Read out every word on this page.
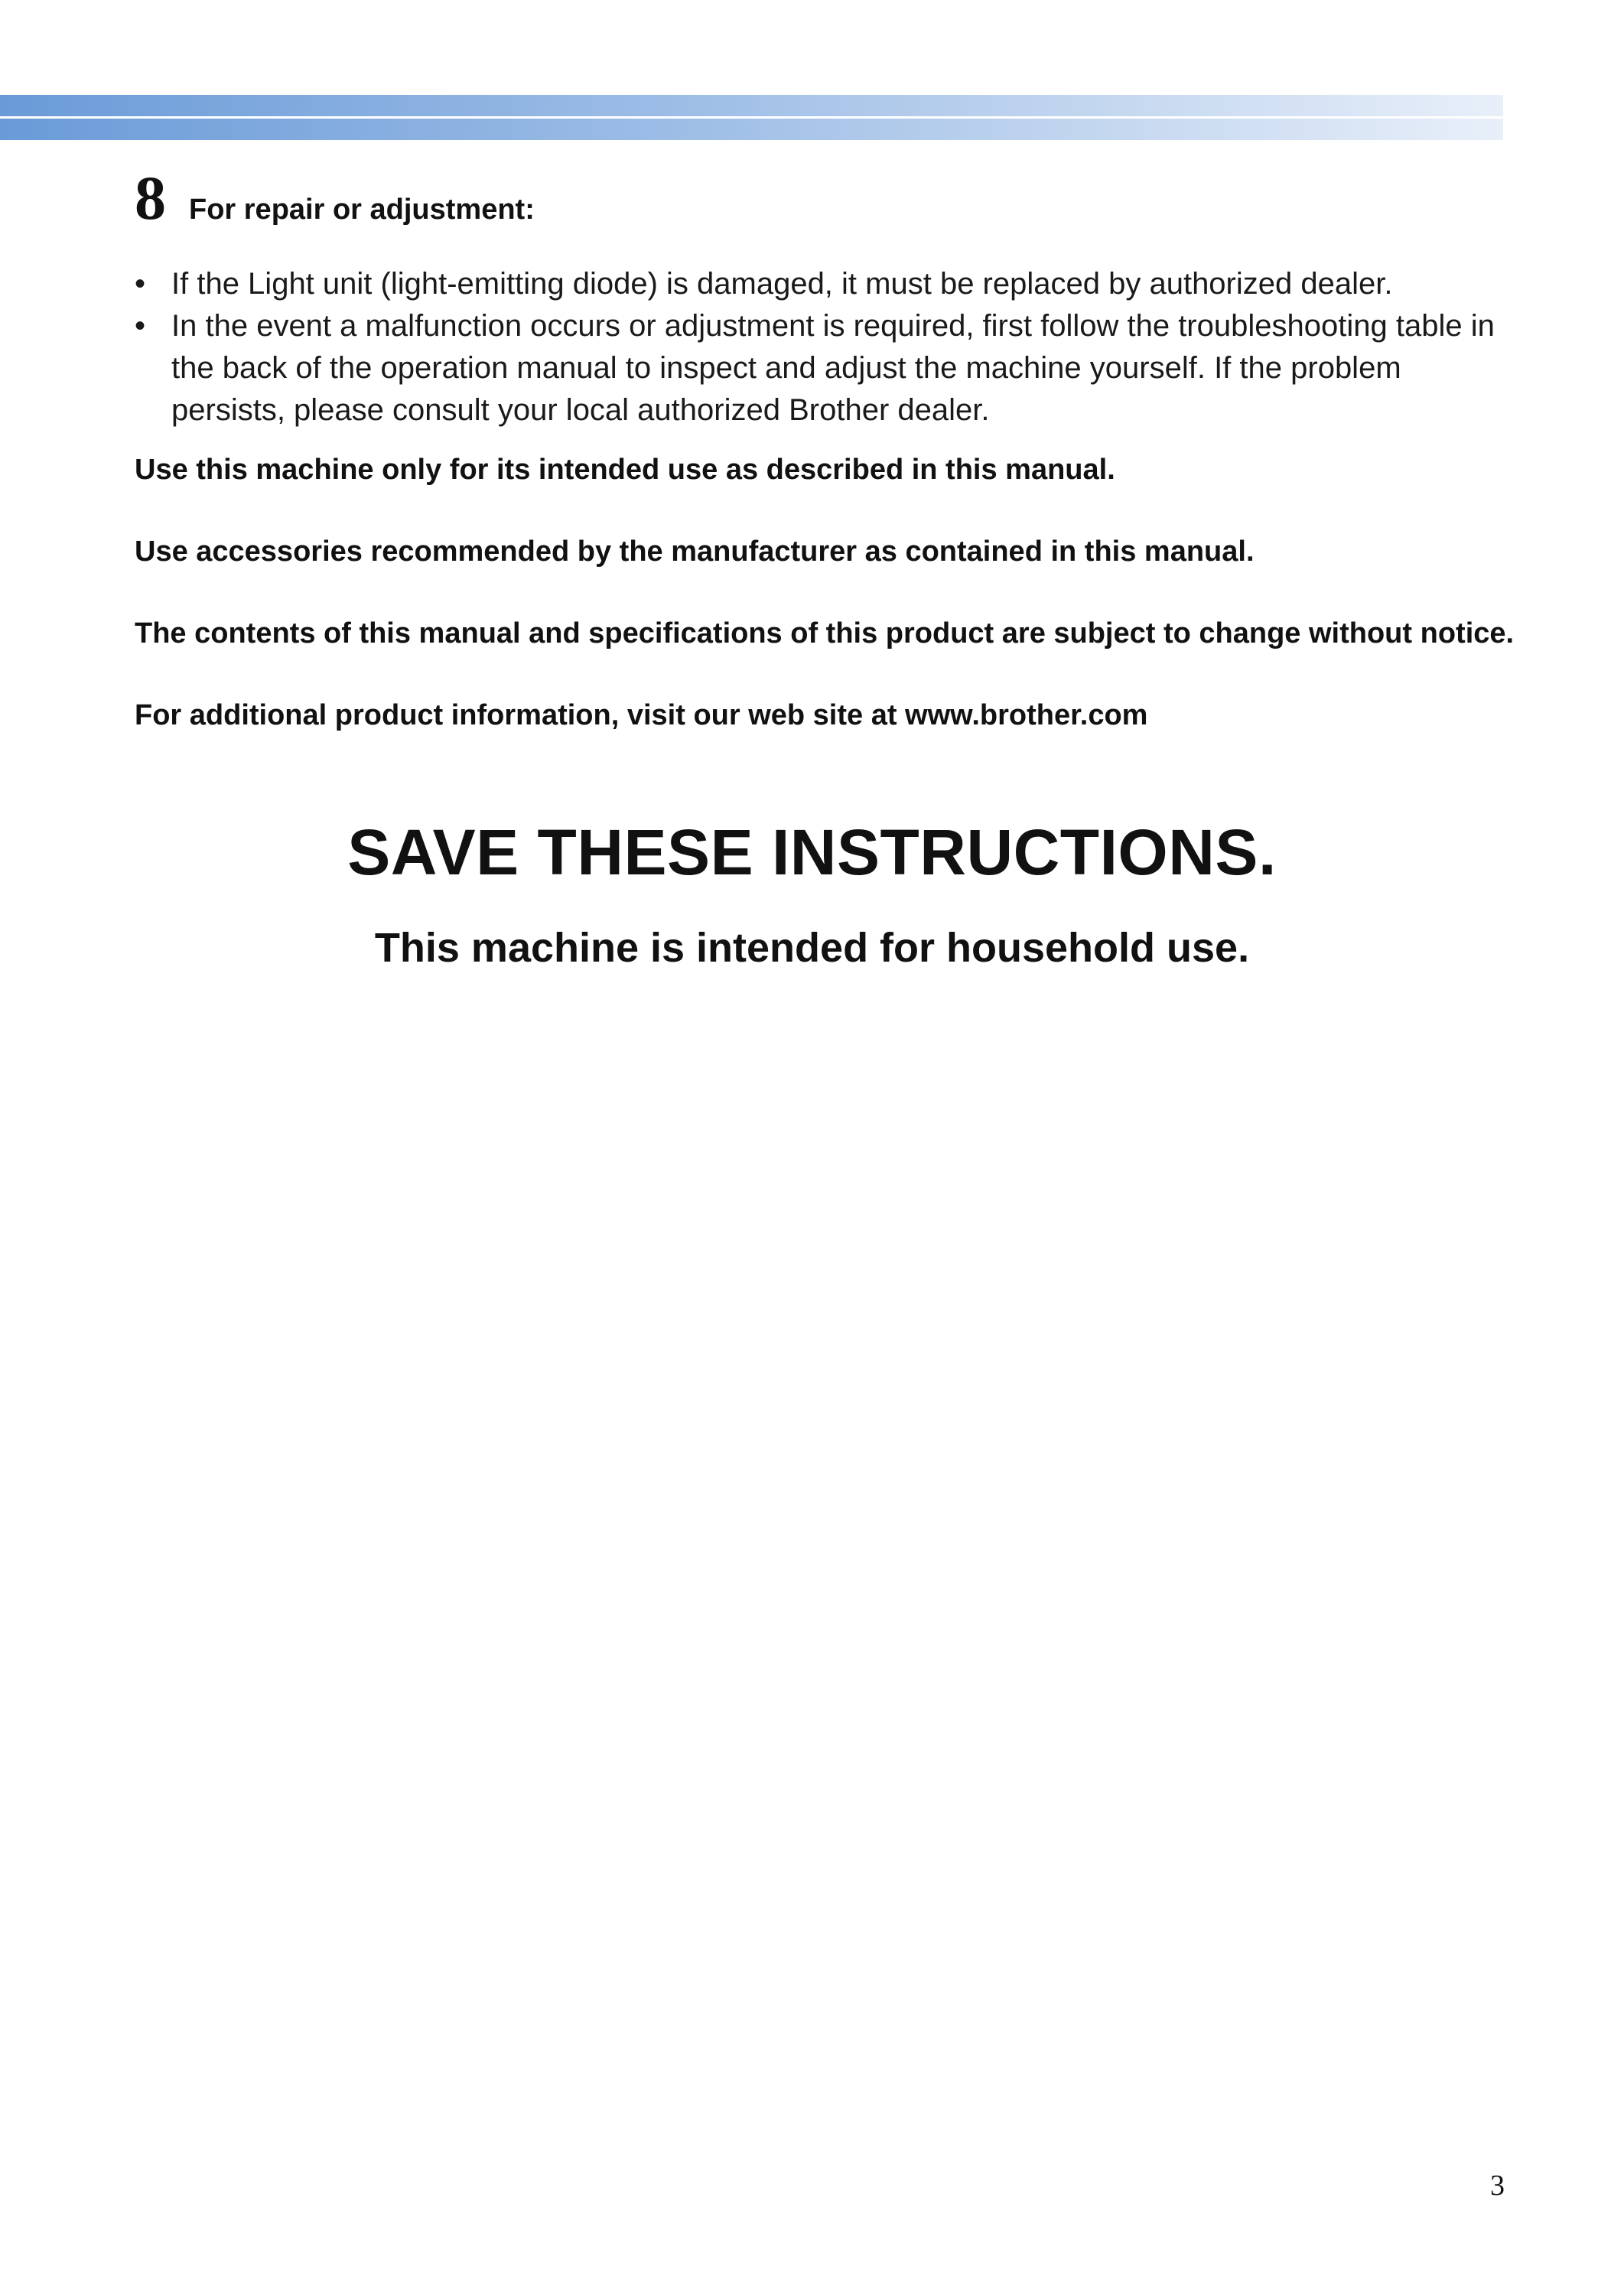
8 For repair or adjustment:
• If the Light unit (light-emitting diode) is damaged, it must be replaced by authorized dealer.
• In the event a malfunction occurs or adjustment is required, first follow the troubleshooting table in the back of the operation manual to inspect and adjust the machine yourself. If the problem persists, please consult your local authorized Brother dealer.
Use this machine only for its intended use as described in this manual.
Use accessories recommended by the manufacturer as contained in this manual.
The contents of this manual and specifications of this product are subject to change without notice.
For additional product information, visit our web site at www.brother.com
SAVE THESE INSTRUCTIONS.
This machine is intended for household use.
3
